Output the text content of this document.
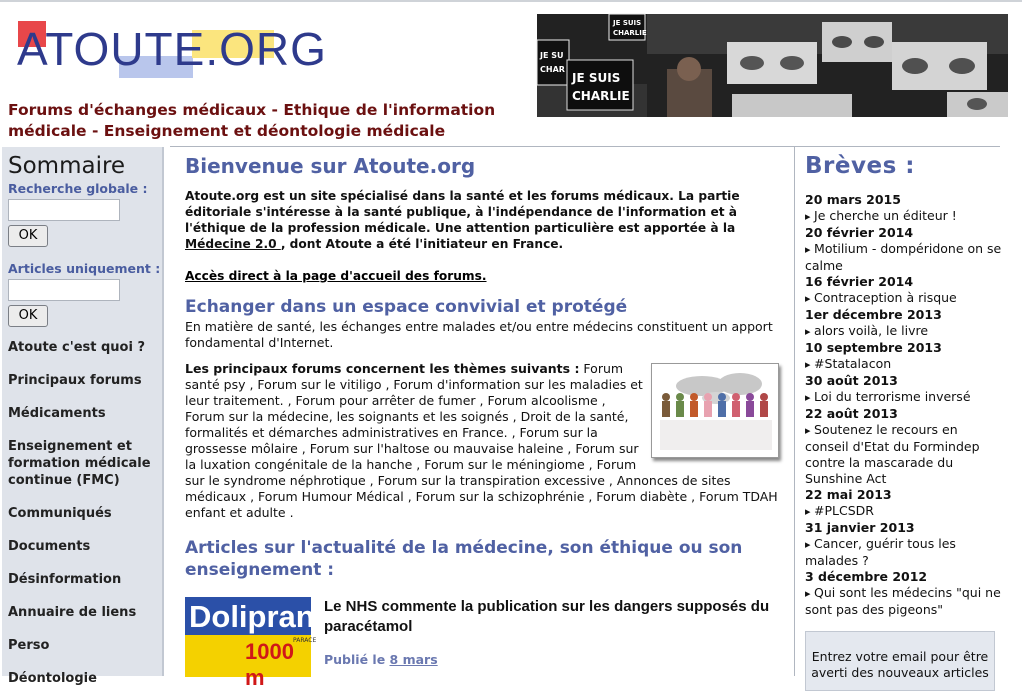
ATOUTE.ORG
Forums d'échanges médicaux - Ethique de l'information médicale - Enseignement et déontologie médicale
JE SUIS
CHARLIE
JE SU
CHAR
JE SUIS
CHARLIE
Sommaire
Recherche globale :
OK
Articles uniquement :
OK
Atoute c'est quoi ?
Principaux forums
Médicaments
Enseignement et formation médicale continue (FMC)
Communiqués
Documents
Désinformation
Annuaire de liens
Perso
Déontologie
Bienvenue sur Atoute.org
Atoute.org est un site spécialisé dans la santé et les forums médicaux. La partie éditoriale s'intéresse à la santé publique, à l'indépendance de l'information et à l'éthique de la profession médicale. Une attention particulière est apportée à la Médecine 2.0 , dont Atoute a été l'initiateur en France.
Accès direct à la page d'accueil des forums.
Echanger dans un espace convivial et protégé
En matière de santé, les échanges entre malades et/ou entre médecins constituent un apport fondamental d'Internet.
Les principaux forums concernent les thèmes suivants : Forum santé psy , Forum sur le vitiligo , Forum d'information sur les maladies et leur traitement. , Forum pour arrêter de fumer , Forum alcoolisme , Forum sur la médecine, les soignants et les soignés , Droit de la santé, formalités et démarches administratives en France. , Forum sur la grossesse môlaire , Forum sur l'haltose ou mauvaise haleine , Forum sur la luxation congénitale de la hanche , Forum sur le méningiome , Forum sur le syndrome néphrotique , Forum sur la transpiration excessive , Annonces de sites médicaux , Forum Humour Médical , Forum sur la schizophrénie , Forum diabète , Forum TDAH enfant et adulte .
Articles sur l'actualité de la médecine, son éthique ou son enseignement :
Dolipran
PARACE
1000 m
Le NHS commente la publication sur les dangers supposés du paracétamol
Publié le 8 mars
Brèves :
20 mars 2015
▸ Je cherche un éditeur !
20 février 2014
▸ Motilium - dompéridone on se calme
16 février 2014
▸ Contraception à risque
1er décembre 2013
▸ alors voilà, le livre
10 septembre 2013
▸ #Statalacon
30 août 2013
▸ Loi du terrorisme inversé
22 août 2013
▸ Soutenez le recours en conseil d'Etat du Formindep contre la mascarade du Sunshine Act
22 mai 2013
▸ #PLCSDR
31 janvier 2013
▸ Cancer, guérir tous les malades ?
3 décembre 2012
▸ Qui sont les médecins "qui ne sont pas des pigeons"
Entrez votre email pour être averti des nouveaux articles
